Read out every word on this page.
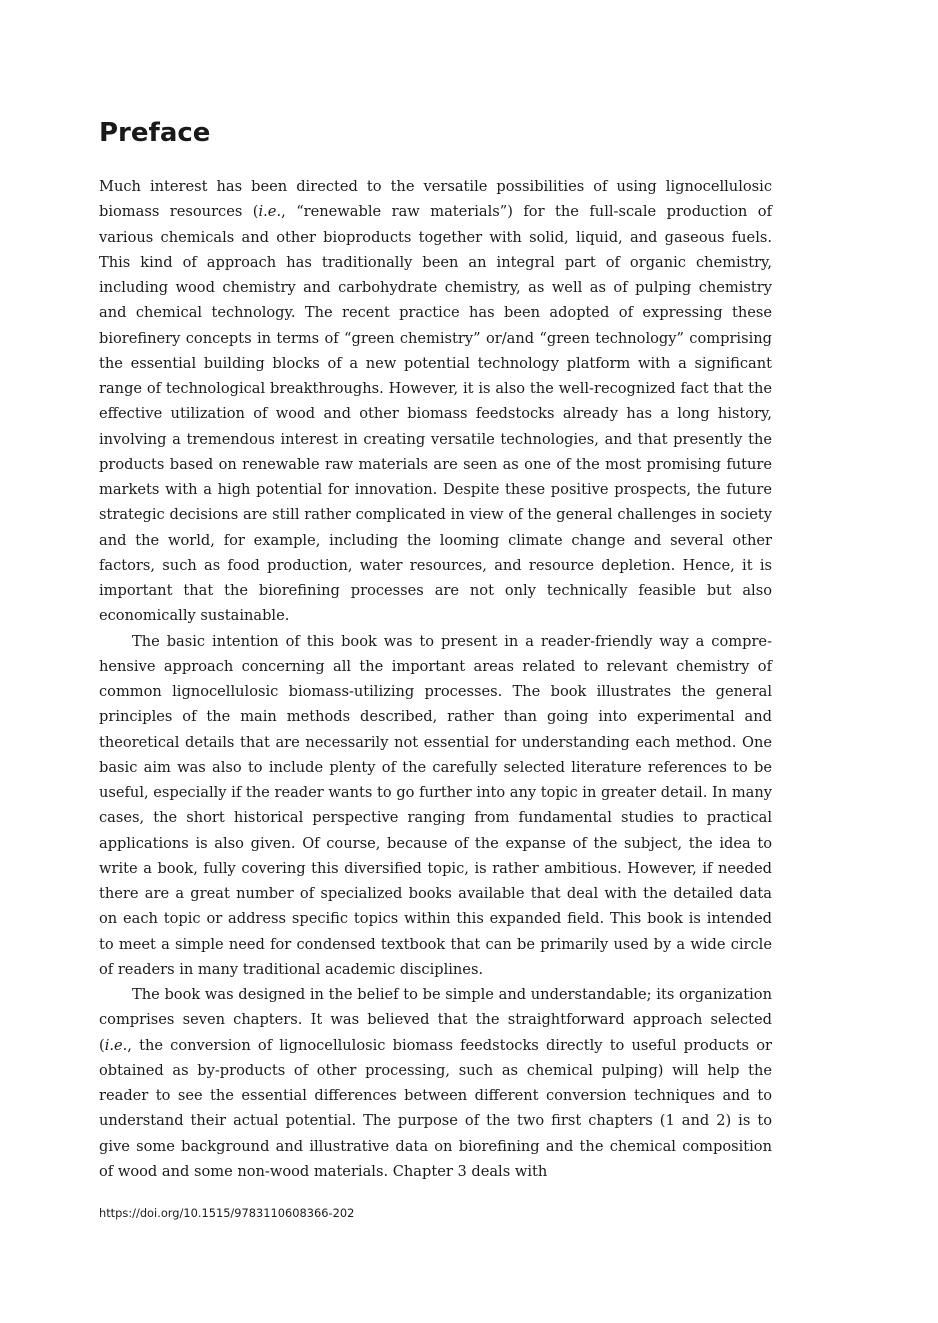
Preface

Much interest has been directed to the versatile possibilities of using lignocellulosic biomass resources (i.e., “renewable raw materials”) for the full-scale production of various chemicals and other bioproducts together with solid, liquid, and gaseous fuels. This kind of approach has traditionally been an integral part of organic chemistry, including wood chemistry and carbohydrate chemistry, as well as of pulping chemistry and chemical technology. The recent practice has been adopted of expressing these biorefinery concepts in terms of “green chemistry” or/and “green technology” comprising the essential building blocks of a new potential technology platform with a significant range of technological breakthroughs. However, it is also the well-recognized fact that the effective utilization of wood and other biomass feedstocks already has a long history, involving a tremendous interest in creating versatile technologies, and that presently the products based on renewable raw materials are seen as one of the most promising future markets with a high potential for innovation. Despite these positive prospects, the future strategic decisions are still rather complicated in view of the general challenges in society and the world, for example, including the looming climate change and several other factors, such as food production, water resources, and resource depletion. Hence, it is important that the biorefining processes are not only technically feasible but also economically sustainable.

The basic intention of this book was to present in a reader-friendly way a comprehensive approach concerning all the important areas related to relevant chemistry of common lignocellulosic biomass-utilizing processes. The book illustrates the general principles of the main methods described, rather than going into experimental and theoretical details that are necessarily not essential for understanding each method. One basic aim was also to include plenty of the carefully selected literature references to be useful, especially if the reader wants to go further into any topic in greater detail. In many cases, the short historical perspective ranging from fundamental studies to practical applications is also given. Of course, because of the expanse of the subject, the idea to write a book, fully covering this diversified topic, is rather ambitious. However, if needed there are a great number of specialized books available that deal with the detailed data on each topic or address specific topics within this expanded field. This book is intended to meet a simple need for condensed textbook that can be primarily used by a wide circle of readers in many traditional academic disciplines.

The book was designed in the belief to be simple and understandable; its organization comprises seven chapters. It was believed that the straightforward approach selected (i.e., the conversion of lignocellulosic biomass feedstocks directly to useful products or obtained as by-products of other processing, such as chemical pulping) will help the reader to see the essential differences between different conversion techniques and to understand their actual potential. The purpose of the two first chapters (1 and 2) is to give some background and illustrative data on biorefining and the chemical composition of wood and some non-wood materials. Chapter 3 deals with

https://doi.org/10.1515/9783110608366-202
